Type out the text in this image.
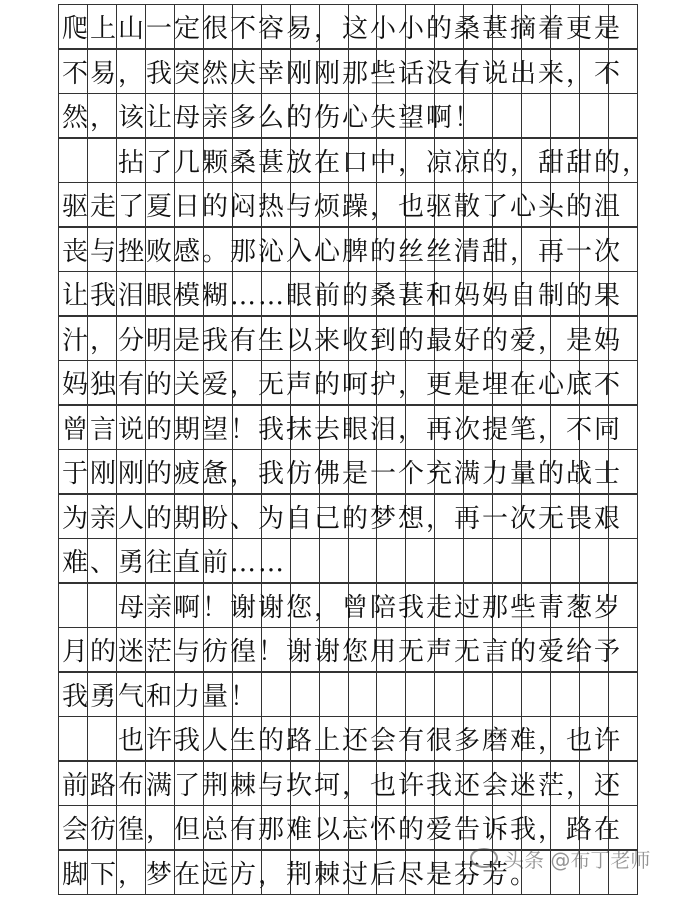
爬上山一定很不容易，这小小的桑葚摘着更是
不易，我突然庆幸刚刚那些话没有说出来，不
然，该让母亲多么的伤心失望啊！
　　拈了几颗桑葚放在口中，凉凉的，甜甜的，
驱走了夏日的闷热与烦躁，也驱散了心头的沮
丧与挫败感。那沁入心脾的丝丝清甜，再一次
让我泪眼模糊……眼前的桑葚和妈妈自制的果
汁，分明是我有生以来收到的最好的爱，是妈
妈独有的关爱，无声的呵护，更是埋在心底不
曾言说的期望！我抹去眼泪，再次提笔，不同
于刚刚的疲惫，我仿佛是一个充满力量的战士
为亲人的期盼、为自己的梦想，再一次无畏艰
难、勇往直前……
　　母亲啊！谢谢您，曾陪我走过那些青葱岁
月的迷茫与彷徨！谢谢您用无声无言的爱给予
我勇气和力量！
　　也许我人生的路上还会有很多磨难，也许
前路布满了荆棘与坎坷，也许我还会迷茫，还
会彷徨，但总有那难以忘怀的爱告诉我，路在
脚下，梦在远方，荆棘过后尽是芬芳。
头条 @布丁老师
